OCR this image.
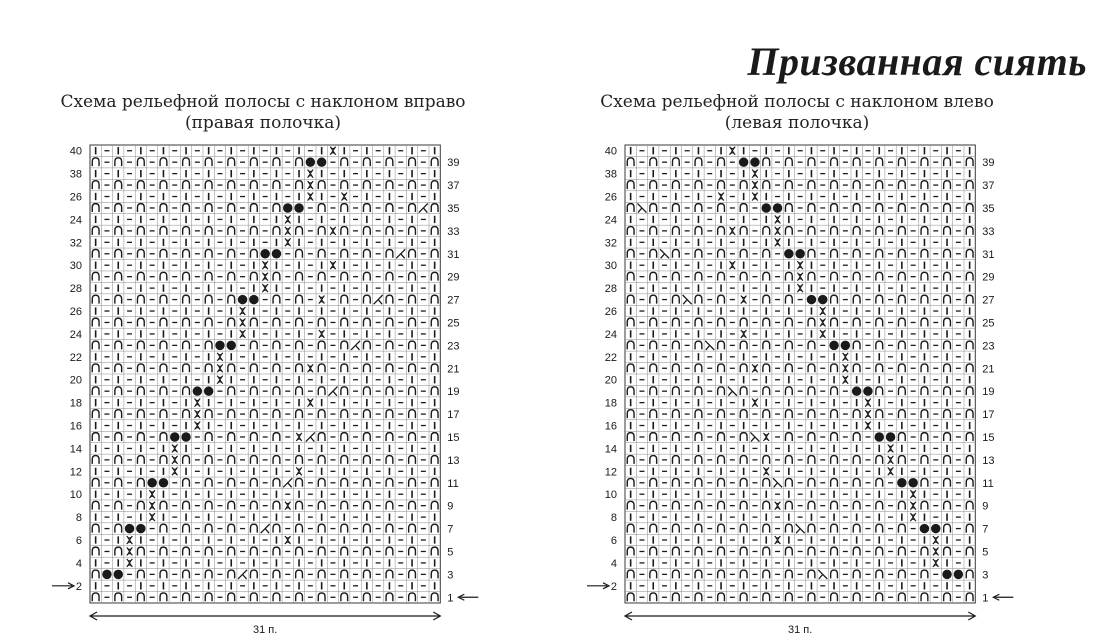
Призванная сиять
Схема рельефной полосы с наклоном вправо
(правая полочка)
Схема рельефной полосы с наклоном влево
(левая полочка)
40
39
38
37
26
35
24
33
32
31
30
29
28
27
26
25
24
23
22
21
20
19
18
17
16
15
14
13
12
11
10
9
8
7
6
5
4
3
2
1
31 п.
40
39
38
37
26
35
24
33
32
31
30
29
28
27
26
25
24
23
22
21
20
19
18
17
16
15
14
13
12
11
10
9
8
7
6
5
4
3
2
1
31 п.
